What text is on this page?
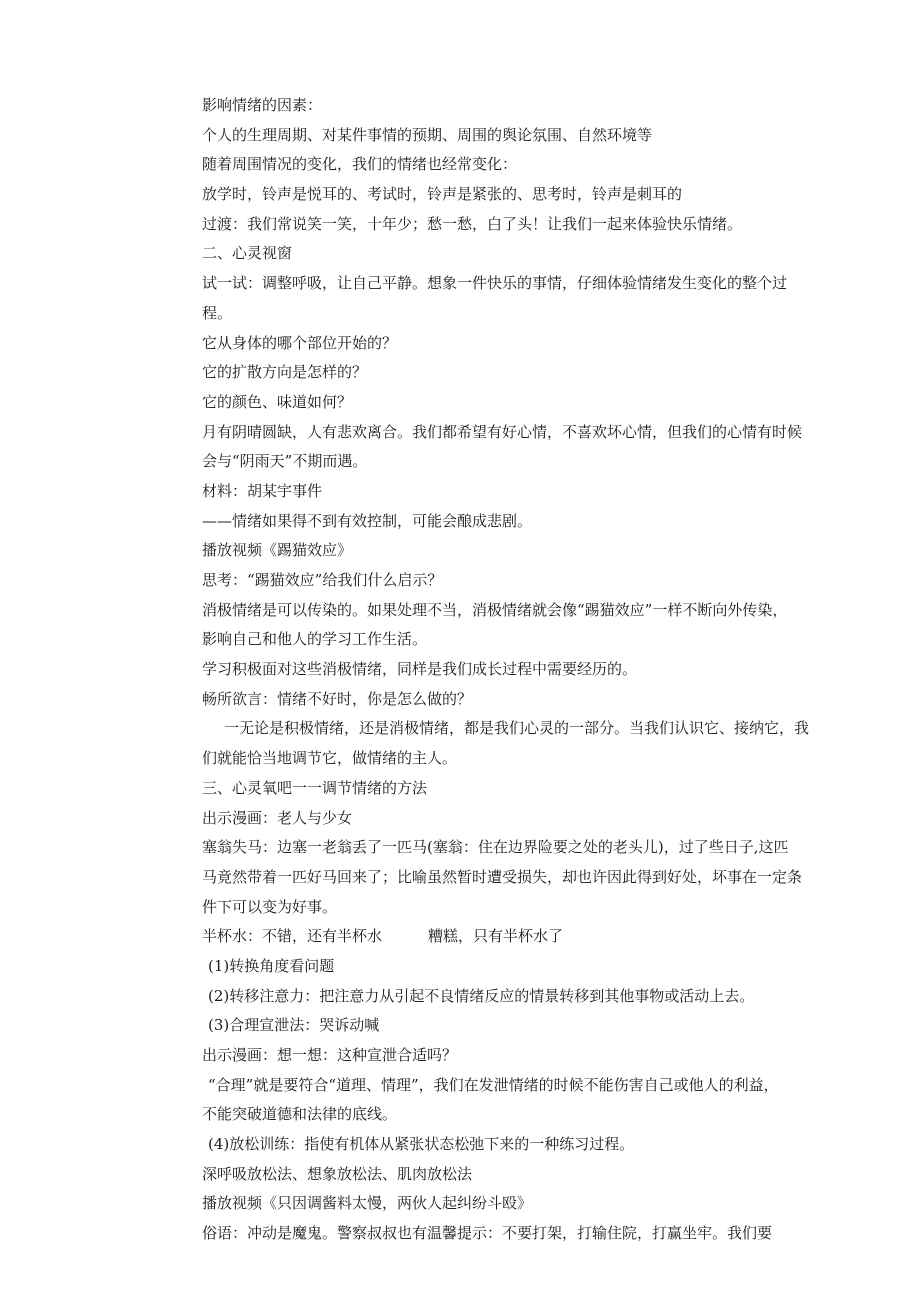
影响情绪的因素：
个人的生理周期、对某件事情的预期、周围的舆论氛围、自然环境等
随着周围情况的变化，我们的情绪也经常变化：
放学时，铃声是悦耳的、考试时，铃声是紧张的、思考时，铃声是刺耳的
过渡：我们常说笑一笑，十年少；愁一愁，白了头！让我们一起来体验快乐情绪。
二、心灵视窗
试一试：调整呼吸，让自己平静。想象一件快乐的事情，仔细体验情绪发生变化的整个过
程。
它从身体的哪个部位开始的？
它的扩散方向是怎样的？
它的颜色、味道如何？
月有阴晴圆缺，人有悲欢离合。我们都希望有好心情，不喜欢坏心情，但我们的心情有时候
会与“阴雨天”不期而遇。
材料：胡某宇事件
——情绪如果得不到有效控制，可能会酿成悲剧。
播放视频《踢猫效应》
思考：“踢猫效应”给我们什么启示？
消极情绪是可以传染的。如果处理不当，消极情绪就会像“踢猫效应”一样不断向外传染，
影响自己和他人的学习工作生活。
学习积极面对这些消极情绪，同样是我们成长过程中需要经历的。
畅所欲言：情绪不好时，你是怎么做的？
一无论是积极情绪，还是消极情绪，都是我们心灵的一部分。当我们认识它、接纳它，我
们就能恰当地调节它，做情绪的主人。
三、心灵氧吧一一调节情绪的方法
出示漫画：老人与少女
塞翁失马：边塞一老翁丢了一匹马(塞翁：住在边界险要之处的老头儿)，过了些日子,这匹
马竟然带着一匹好马回来了；比喻虽然暂时遭受损失，却也许因此得到好处，坏事在一定条
件下可以变为好事。
半杯水：不错，还有半杯水	糟糕，只有半杯水了
(1)转换角度看问题
(2)转移注意力：把注意力从引起不良情绪反应的情景转移到其他事物或活动上去。
(3)合理宣泄法：哭诉动喊
出示漫画：想一想：这种宣泄合适吗？
“合理”就是要符合“道理、情理”，我们在发泄情绪的时候不能伤害自己或他人的利益，
不能突破道德和法律的底线。
(4)放松训练：指使有机体从紧张状态松弛下来的一种练习过程。
深呼吸放松法、想象放松法、肌肉放松法
播放视频《只因调酱料太慢，两伙人起纠纷斗殴》
俗语：冲动是魔鬼。警察叔叔也有温馨提示：不要打架，打输住院，打赢坐牢。我们要
